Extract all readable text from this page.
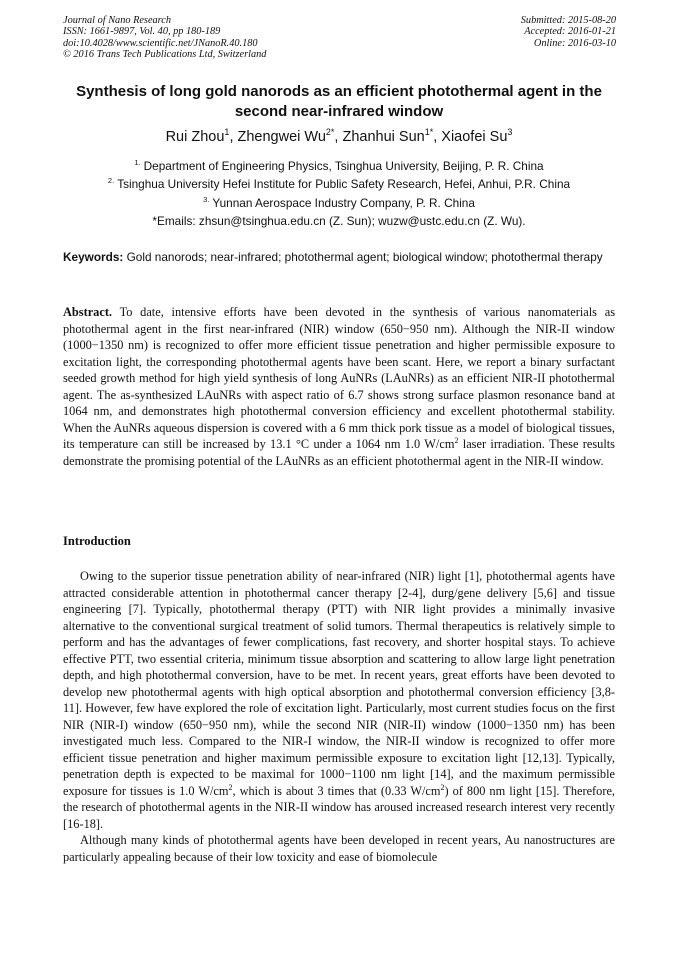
Journal of Nano Research
ISSN: 1661-9897, Vol. 40, pp 180-189
doi:10.4028/www.scientific.net/JNanoR.40.180
© 2016 Trans Tech Publications Ltd, Switzerland
Submitted: 2015-08-20
Accepted: 2016-01-21
Online: 2016-03-10
Synthesis of long gold nanorods as an efficient photothermal agent in the second near-infrared window
Rui Zhou$^1$, Zhengwei $Wu^{2*}$, Zhanhui Sun$^{1*}$, Xiaofei Su$^3$
$^{1.}$ Department of Engineering Physics, Tsinghua University, Beijing, P. R. China
$^{2.}$ Tsinghua University Hefei Institute for Public Safety Research, Hefei, Anhui, P.R. China
$^{3.}$ Yunnan Aerospace Industry Company, P. R. China
*Emails: zhsun@tsinghua.edu.cn (Z. Sun); wuzw@ustc.edu.cn (Z. Wu).
Keywords: Gold nanorods; near-infrared; photothermal agent; biological window; photothermal therapy
Abstract. To date, intensive efforts have been devoted in the synthesis of various nanomaterials as photothermal agent in the first near-infrared (NIR) window (650−950 nm). Although the NIR-II window (1000−1350 nm) is recognized to offer more efficient tissue penetration and higher permissible exposure to excitation light, the corresponding photothermal agents have been scant. Here, we report a binary surfactant seeded growth method for high yield synthesis of long AuNRs (LAuNRs) as an efficient NIR-II photothermal agent. The as-synthesized LAuNRs with aspect ratio of 6.7 shows strong surface plasmon resonance band at 1064 nm, and demonstrates high photothermal conversion efficiency and excellent photothermal stability. When the AuNRs aqueous dispersion is covered with a 6 mm thick pork tissue as a model of biological tissues, its temperature can still be increased by 13.1 °C under a 1064 nm 1.0 $W/cm^2$ laser irradiation. These results demonstrate the promising potential of the LAuNRs as an efficient photothermal agent in the NIR-II window.
Introduction

Owing to the superior tissue penetration ability of near-infrared (NIR) light [1], photothermal agents have attracted considerable attention in photothermal cancer therapy [2-4], durg/gene delivery [5,6] and tissue engineering [7]. Typically, photothermal therapy (PTT) with NIR light provides a minimally invasive alternative to the conventional surgical treatment of solid tumors. Thermal therapeutics is relatively simple to perform and has the advantages of fewer complications, fast recovery, and shorter hospital stays. To achieve effective PTT, two essential criteria, minimum tissue absorption and scattering to allow large light penetration depth, and high photothermal conversion, have to be met. In recent years, great efforts have been devoted to develop new photothermal agents with high optical absorption and photothermal conversion efficiency [3,8-11]. However, few have explored the role of excitation light. Particularly, most current studies focus on the first NIR (NIR-I) window (650−950 nm), while the second NIR (NIR-II) window (1000−1350 nm) has been investigated much less. Compared to the NIR-I window, the NIR-II window is recognized to offer more efficient tissue penetration and higher maximum permissible exposure to excitation light [12,13]. Typically, penetration depth is expected to be maximal for 1000−1100 nm light [14], and the maximum permissible exposure for tissues is 1.0 $W/cm^2$, which is about 3 times that (0.33 $W/cm^2$) of 800 nm light [15]. Therefore, the research of photothermal agents in the NIR-II window has aroused increased research interest very recently [16-18].

Although many kinds of photothermal agents have been developed in recent years, Au nanostructures are particularly appealing because of their low toxicity and ease of biomolecule
